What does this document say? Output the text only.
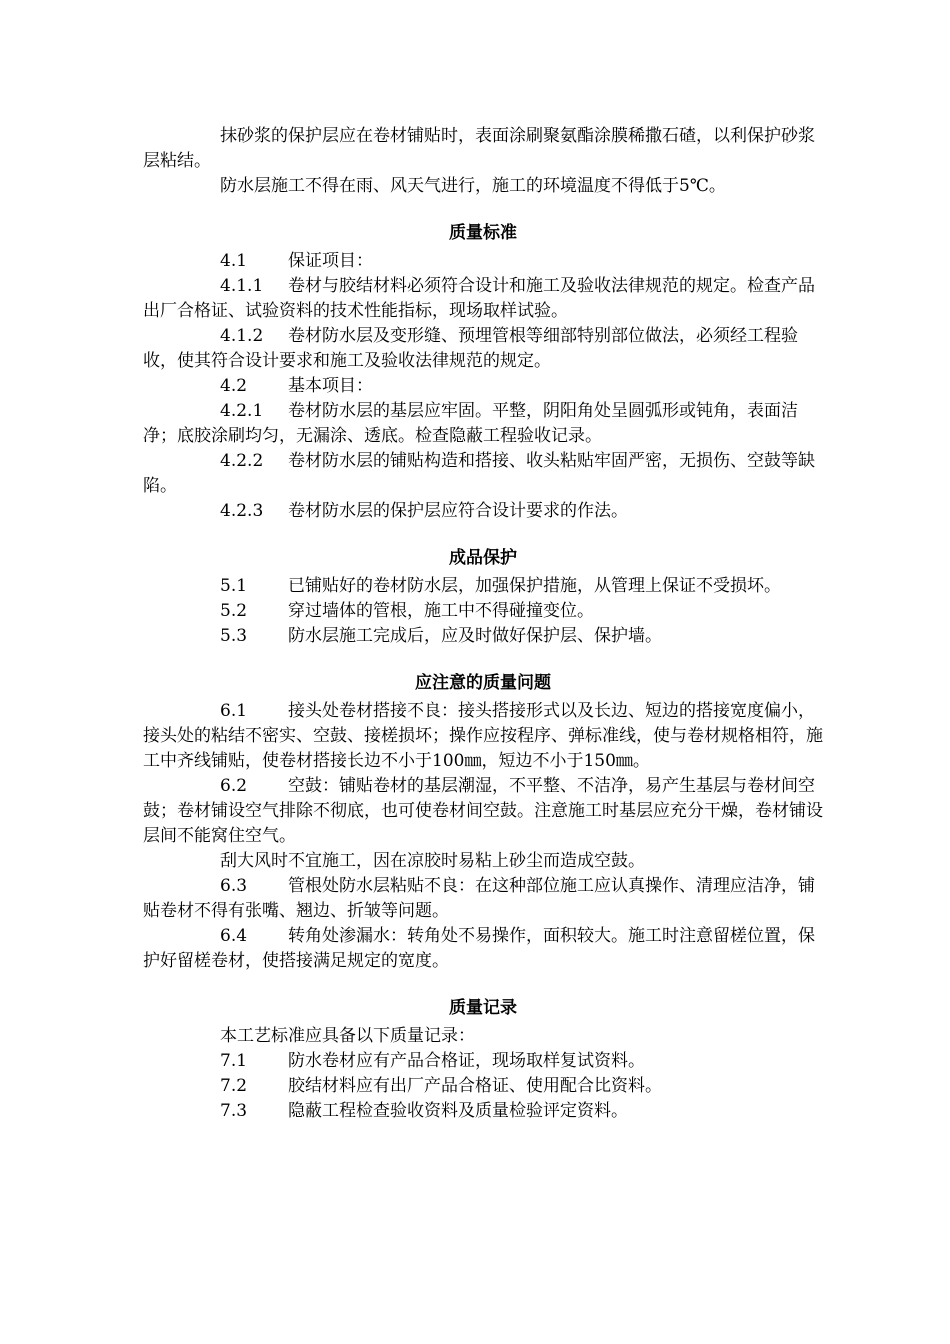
抹砂浆的保护层应在卷材铺贴时，表面涂刷聚氨酯涂膜稀撒石碴，以利保护砂浆层粘结。

防水层施工不得在雨、风天气进行，施工的环境温度不得低于5℃。

质量标准

4.1 保证项目：

4.1.1 卷材与胶结材料必须符合设计和施工及验收法律规范的规定。检查产品出厂合格证、试验资料的技术性能指标，现场取样试验。

4.1.2 卷材防水层及变形缝、预埋管根等细部特别部位做法，必须经工程验收，使其符合设计要求和施工及验收法律规范的规定。

4.2 基本项目：

4.2.1 卷材防水层的基层应牢固。平整，阴阳角处呈圆弧形或钝角，表面洁净；底胶涂刷均匀，无漏涂、透底。检查隐蔽工程验收记录。

4.2.2 卷材防水层的铺贴构造和搭接、收头粘贴牢固严密，无损伤、空鼓等缺陷。

4.2.3 卷材防水层的保护层应符合设计要求的作法。

成品保护

5.1 已铺贴好的卷材防水层，加强保护措施，从管理上保证不受损坏。

5.2 穿过墙体的管根，施工中不得碰撞变位。

5.3 防水层施工完成后，应及时做好保护层、保护墙。

应注意的质量问题

6.1 接头处卷材搭接不良：接头搭接形式以及长边、短边的搭接宽度偏小，接头处的粘结不密实、空鼓、接槎损坏；操作应按程序、弹标准线，使与卷材规格相符，施工中齐线铺贴，使卷材搭接长边不小于100㎜，短边不小于150㎜。

6.2 空鼓：铺贴卷材的基层潮湿，不平整、不洁净，易产生基层与卷材间空鼓；卷材铺设空气排除不彻底，也可使卷材间空鼓。注意施工时基层应充分干燥，卷材铺设层间不能窝住空气。

刮大风时不宜施工，因在凉胶时易粘上砂尘而造成空鼓。

6.3 管根处防水层粘贴不良：在这种部位施工应认真操作、清理应洁净，铺贴卷材不得有张嘴、翘边、折皱等问题。

6.4 转角处渗漏水：转角处不易操作，面积较大。施工时注意留槎位置，保护好留槎卷材，使搭接满足规定的宽度。

质量记录

本工艺标准应具备以下质量记录：

7.1 防水卷材应有产品合格证，现场取样复试资料。

7.2 胶结材料应有出厂产品合格证、使用配合比资料。

7.3 隐蔽工程检查验收资料及质量检验评定资料。
